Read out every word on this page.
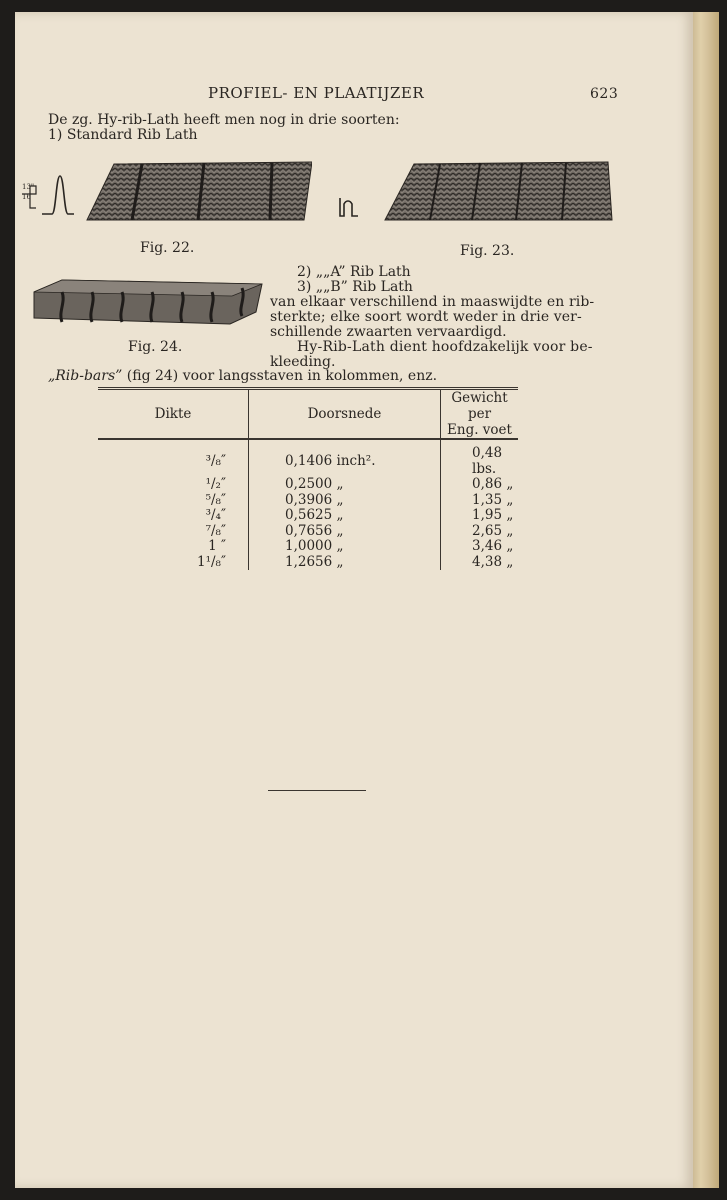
PROFIEL- EN PLAATIJZER	623
De zg. Hy-rib-Lath heeft men nog in drie soorten:
1) Standard Rib Lath
13"
16
Fig. 22.	Fig. 23.
2) „„A” Rib Lath
3) „„B” Rib Lath
van elkaar verschillend in maaswijdte en rib-
sterkte; elke soort wordt weder in drie ver-
schillende zwaarten vervaardigd.
Hy-Rib-Lath dient hoofdzakelijk voor be-
kleeding.
Fig. 24.
„Rib-bars” (fig 24) voor langsstaven in kolommen, enz.
Dikte	Doorsnede	Gewicht per
Eng. voet

³/₈″	0,1406 inch².	0,48 lbs.
¹/₂″	0,2500 „	0,86 „
⁵/₈″	0,3906 „	1,35 „
³/₄″	0,5625 „	1,95 „
⁷/₈″	0,7656 „	2,65 „
1 ″	1,0000 „	3,46 „
1¹/₈″	1,2656 „	4,38 „
